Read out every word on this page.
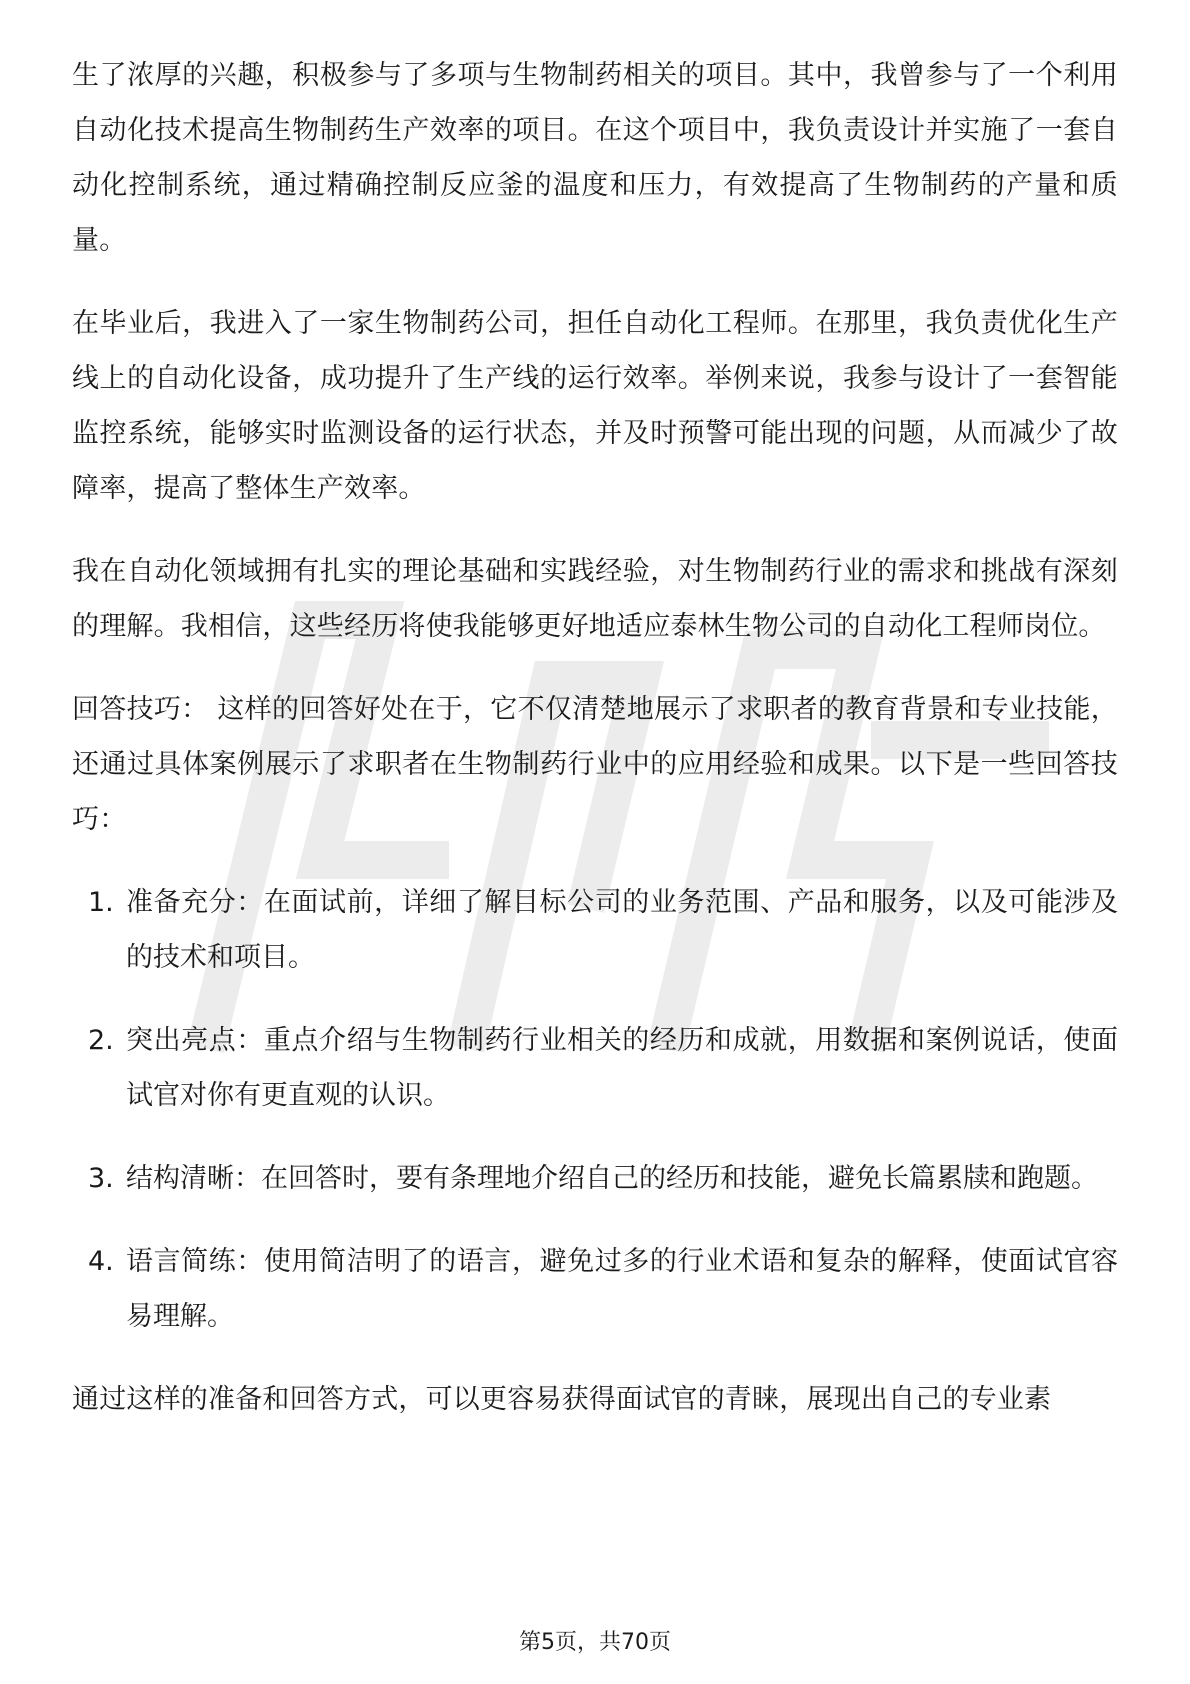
生了浓厚的兴趣，积极参与了多项与生物制药相关的项目。其中，我曾参与了一个利用自动化技术提高生物制药生产效率的项目。在这个项目中，我负责设计并实施了一套自动化控制系统，通过精确控制反应釜的温度和压力，有效提高了生物制药的产量和质量。

在毕业后，我进入了一家生物制药公司，担任自动化工程师。在那里，我负责优化生产线上的自动化设备，成功提升了生产线的运行效率。举例来说，我参与设计了一套智能监控系统，能够实时监测设备的运行状态，并及时预警可能出现的问题，从而减少了故障率，提高了整体生产效率。

我在自动化领域拥有扎实的理论基础和实践经验，对生物制药行业的需求和挑战有深刻的理解。我相信，这些经历将使我能够更好地适应泰林生物公司的自动化工程师岗位。

回答技巧： 这样的回答好处在于，它不仅清楚地展示了求职者的教育背景和专业技能，还通过具体案例展示了求职者在生物制药行业中的应用经验和成果。以下是一些回答技巧：

1. 准备充分：在面试前，详细了解目标公司的业务范围、产品和服务，以及可能涉及的技术和项目。
2. 突出亮点：重点介绍与生物制药行业相关的经历和成就，用数据和案例说话，使面试官对你有更直观的认识。
3. 结构清晰：在回答时，要有条理地介绍自己的经历和技能，避免长篇累牍和跑题。
4. 语言简练：使用简洁明了的语言，避免过多的行业术语和复杂的解释，使面试官容易理解。

通过这样的准备和回答方式，可以更容易获得面试官的青睐，展现出自己的专业素

第5页，共70页
